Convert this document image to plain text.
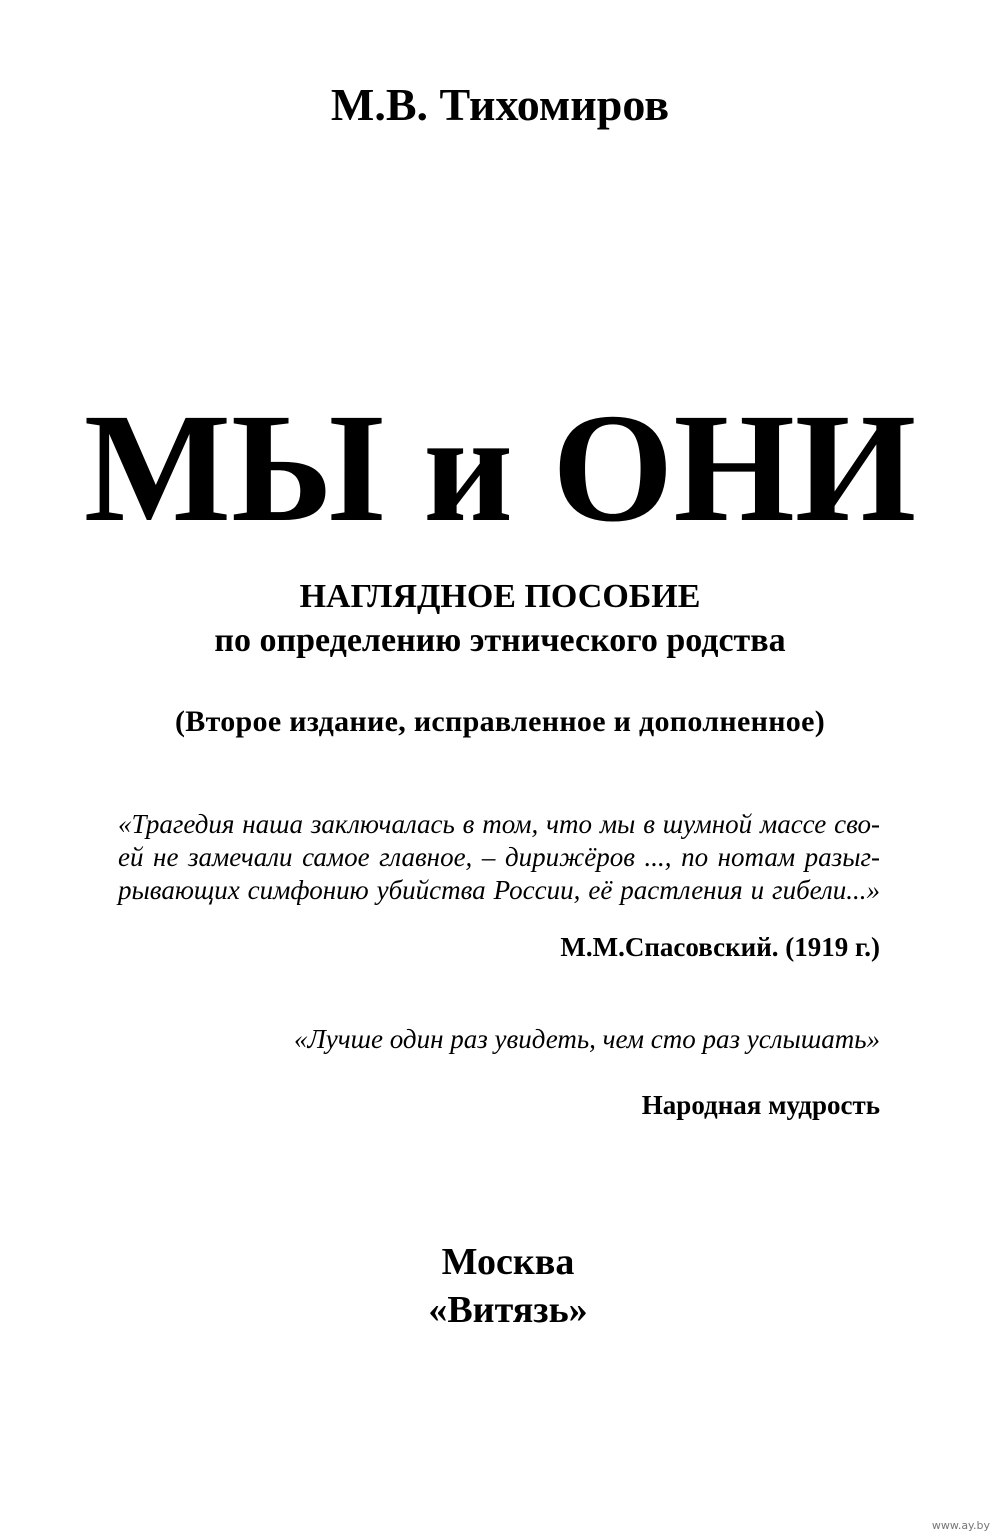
М.В. Тихомиров
МЫ и ОНИ
НАГЛЯДНОЕ ПОСОБИЕ
по определению этнического родства
(Второе издание, исправленное и дополненное)
«Трагедия наша заключалась в том, что мы в шумной массе сво-
ей не замечали самое главное, – дирижёров ..., по нотам разыг-
рывающих симфонию убийства России, её растления и гибели...»
М.М.Спасовский. (1919 г.)
«Лучше один раз увидеть, чем сто раз услышать»
Народная мудрость
Москва
«Витязь»
www.ay.by
